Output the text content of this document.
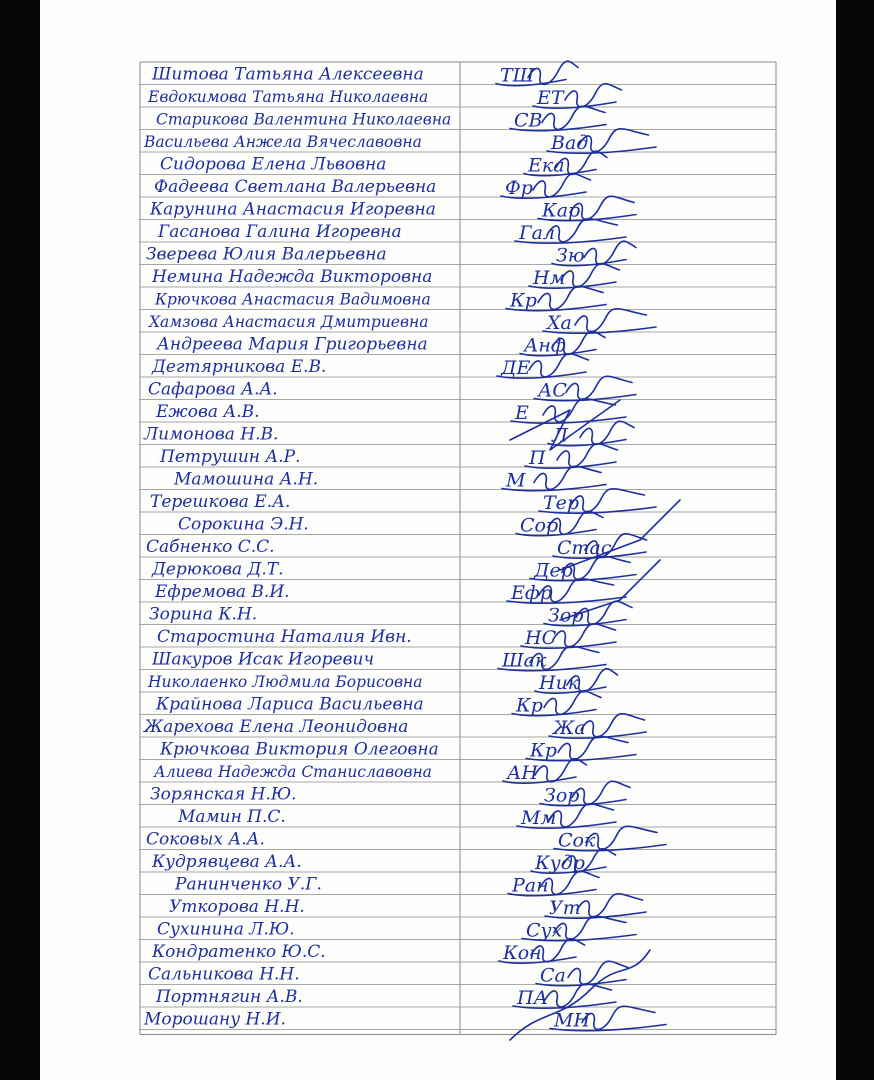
Шитова Татьяна Алексеевна	ТШ
Евдокимова Татьяна Николаевна	ЕТ
Старикова Валентина Николаевна	СВ
Васильева Анжела Вячеславовна	Вад
Сидорова Елена Львовна	Ека
Фадеева Светлана Валерьевна	Фр
Карунина Анастасия Игоревна	Кар
Гасанова Галина Игоревна	Гал
Зверева Юлия Валерьевна	Зю
Немина Надежда Викторовна	Нм
Крючкова Анастасия Вадимовна	Кр
Хамзова Анастасия Дмитриевна	Ха
Андреева Мария Григорьевна	Анф
Дегтярникова Е.В.	ДЕ
Сафарова А.А.	АС
Ежова А.В.	Е
Лимонова Н.В.	Л
Петрушин А.Р.	П
Мамошина А.Н.	М
Терешкова Е.А.	Тер
Сорокина Э.Н.	Сор
Сабненко С.С.	Стас
Дерюкова Д.Т.	Дер
Ефремова В.И.	Ефр
Зорина К.Н.	Зор
Старостина Наталия Ивн.	НС
Шакуров Исак Игоревич	Шак
Николаенко Людмила Борисовна	Ник
Крайнова Лариса Васильевна	Кр
Жарехова Елена Леонидовна	Жа
Крючкова Виктория Олеговна	Кр
Алиева Надежда Станиславовна	АН
Зорянская Н.Ю.	Зор
Мамин П.С.	Мм
Соковых А.А.	Сок
Кудрявцева А.А.	Кудр
Ранинченко У.Г.	Ран
Уткорова Н.Н.	Ут
Сухинина Л.Ю.	Сух
Кондратенко Ю.С.	Кон
Сальникова Н.Н.	Са
Портнягин А.В.	ПА
Морошану Н.И.	МН
